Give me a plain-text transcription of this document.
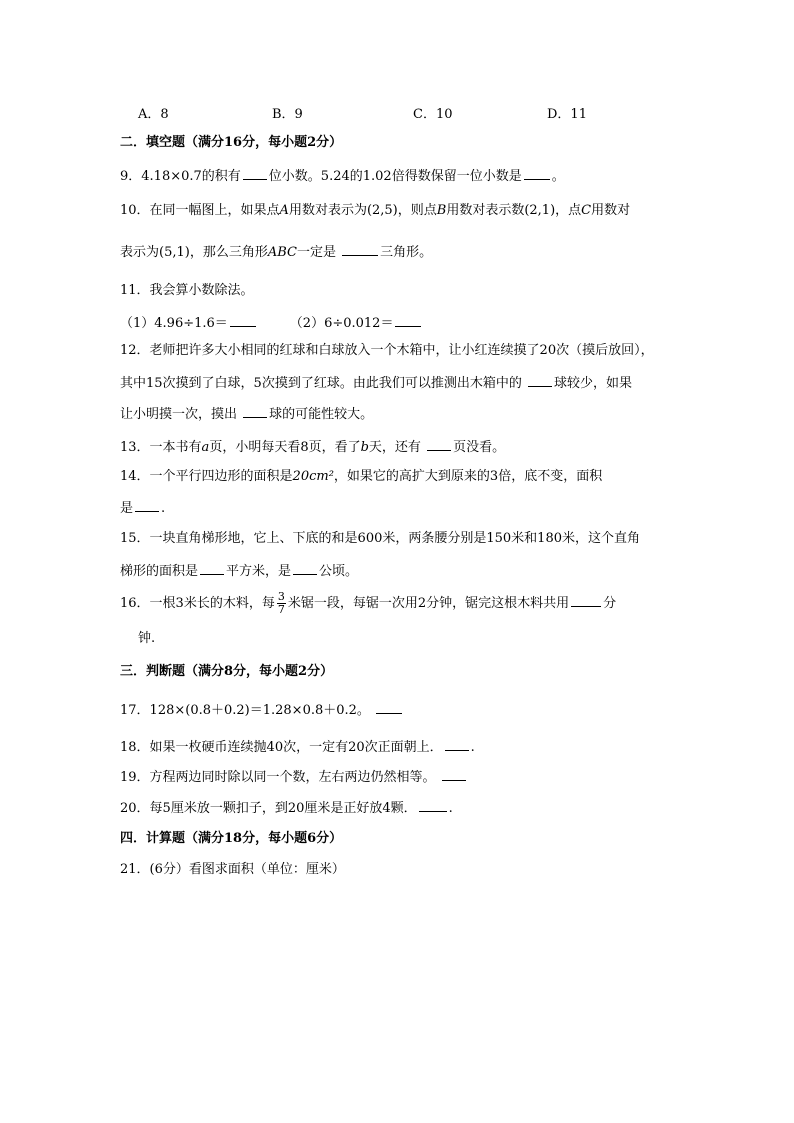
A．8	B．9	C．10	D．11
二．填空题（满分16分，每小题2分）
9．4.18×0.7的积有 位小数。5.24的1.02倍得数保留一位小数是 。
10．在同一幅图上，如果点A用数对表示为(2,5)，则点B用数对表示数(2,1)，点C用数对
表示为(5,1)，那么三角形ABC一定是	三角形。
11．我会算小数除法。
（1）4.96÷1.6＝	（2）6÷0.012＝
12．老师把许多大小相同的红球和白球放入一个木箱中，让小红连续摸了20次（摸后放回），
其中15次摸到了白球，5次摸到了红球。由此我们可以推测出木箱中的 球较少，如果
让小明摸一次，摸出 球的可能性较大。
13．一本书有a页，小明每天看8页，看了b天，还有 页没看。
14．一个平行四边形的面积是20cm²，如果它的高扩大到原来的3倍，底不变，面积
是 .
15．一块直角梯形地，它上、下底的和是600米，两条腰分别是150米和180米，这个直角
梯形的面积是 平方米，是 公顷。
16．一根3米长的木料，每 $\frac{3}{7}$ 米锯一段，每锯一次用2分钟，锯完这根木料共用	分
钟.
三．判断题（满分8分，每小题2分）
17．128×(0.8＋0.2)＝1.28×0.8＋0.2。
18．如果一枚硬币连续抛40次，一定有20次正面朝上． .
19．方程两边同时除以同一个数，左右两边仍然相等。
20．每5厘米放一颗扣子，到20厘米是正好放4颗． .
四．计算题（满分18分，每小题6分）
21．(6分）看图求面积（单位：厘米）
